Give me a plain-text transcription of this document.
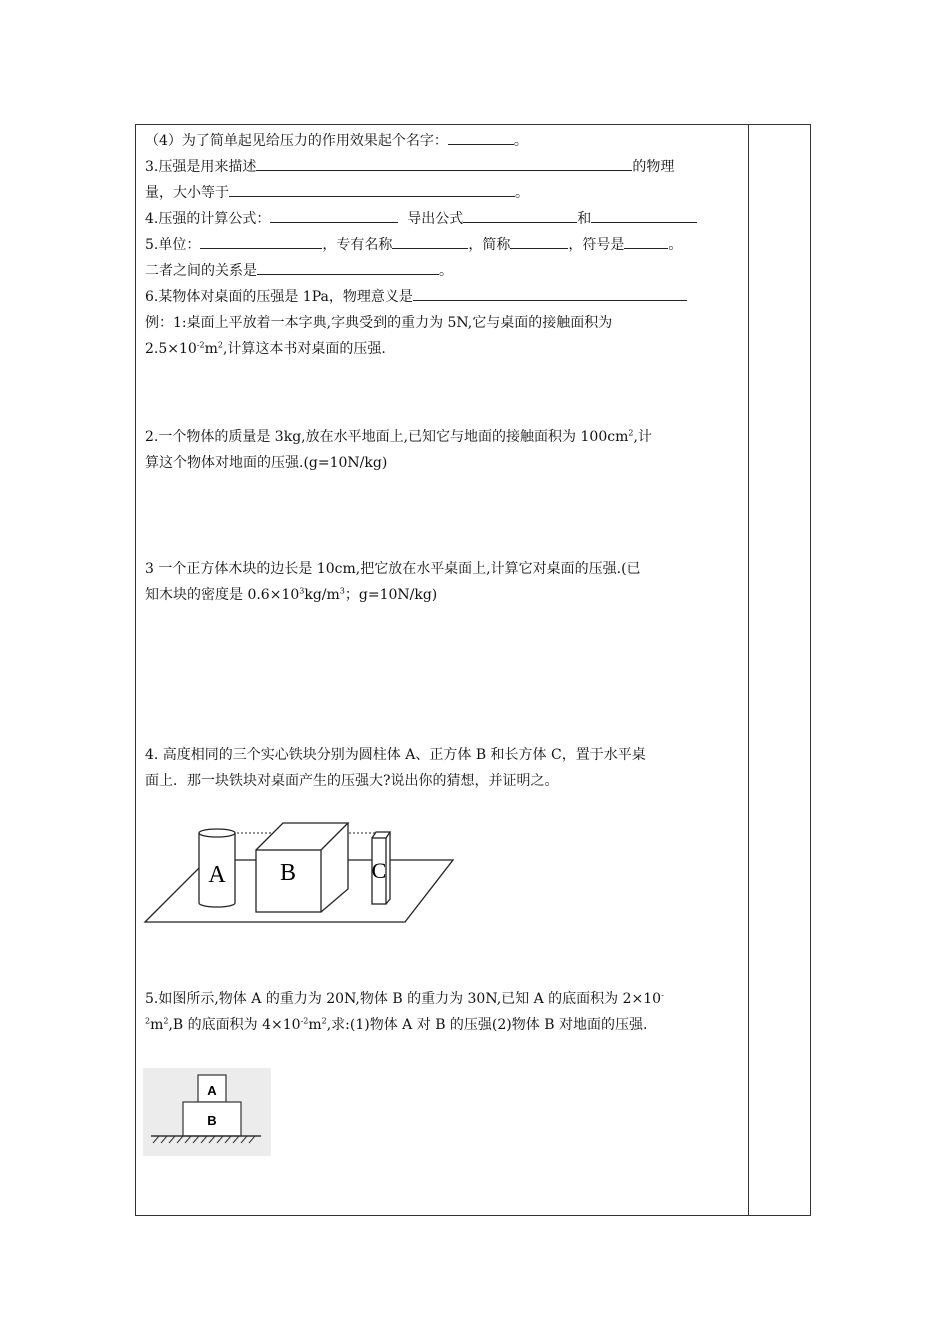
（4）为了简单起见给压力的作用效果起个名字：	。
3.压强是用来描述	的物理
量，大小等于	。
4.压强的计算公式：	导出公式	和
5.单位：	，专有名称	，简称	，符号是	。
二者之间的关系是	。
6.某物体对桌面的压强是 1Pa，物理意义是
例：1:桌面上平放着一本字典,字典受到的重力为 5N,它与桌面的接触面积为
$2.5\times 10^{-2}m^2$,计算这本书对桌面的压强.
2.一个物体的质量是 3kg,放在水平地面上,已知它与地面的接触面积为 $100cm^2$,计
算这个物体对地面的压强.(g=10N/kg)
3 一个正方体木块的边长是 10cm,把它放在水平桌面上,计算它对桌面的压强.(已
知木块的密度是 $0.6\times 10^3kg/m^3$；g=10N/kg)
4. 高度相同的三个实心铁块分别为圆柱体 A、正方体 B 和长方体 C，置于水平桌
面上．那一块铁块对桌面产生的压强大?说出你的猜想，并证明之。
5.如图所示,物体 A 的重力为 20N,物体 B 的重力为 30N,已知 A 的底面积为 2×10-
$^2m^2,B$ 的底面积为 $4\times 10^{-2}m^2$,求:(1)物体 A 对 B 的压强(2)物体 B 对地面的压强.
A B	C
A
B
